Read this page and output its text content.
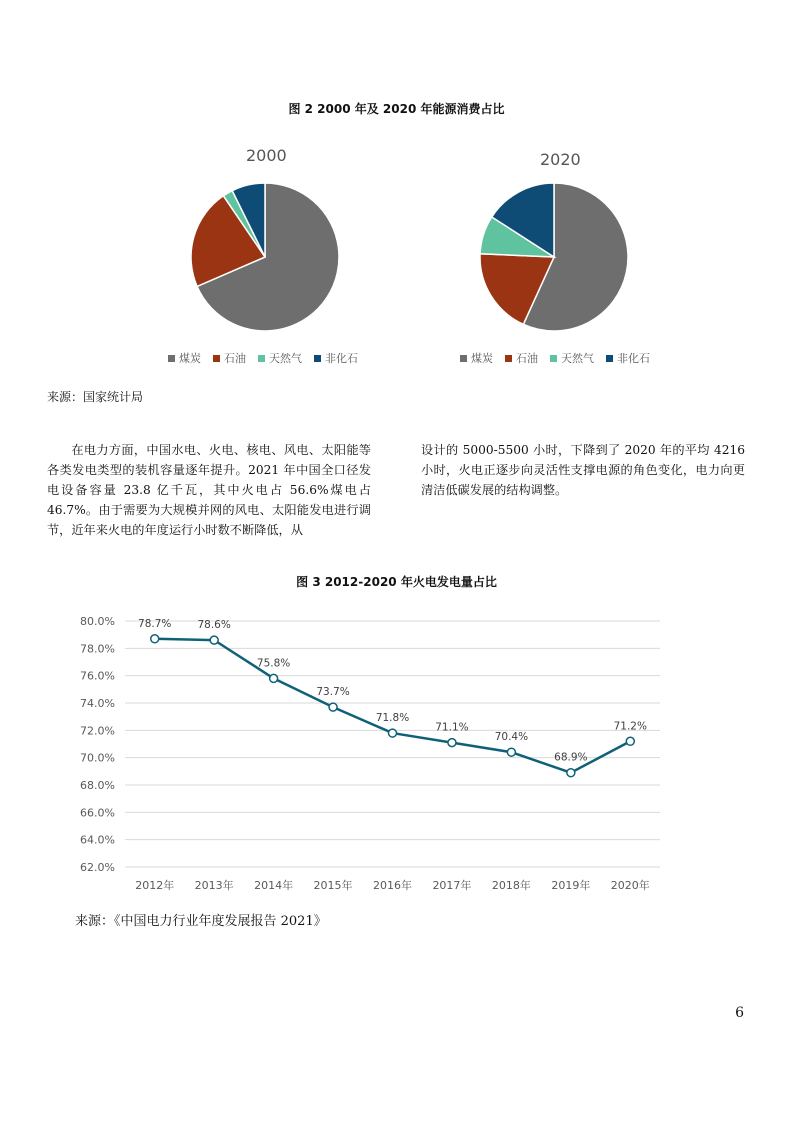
图 2 2000 年及 2020 年能源消费占比
2000
煤炭 石油 天然气 非化石
2020
煤炭 石油 天然气 非化石
来源：国家统计局
在电力方面，中国水电、火电、核电、风电、太阳能等各类发电类型的装机容量逐年提升。2021 年中国全口径发电设备容量 23.8 亿千瓦，其中火电占 56.6%煤电占 46.7%。由于需要为大规模并网的风电、太阳能发电进行调节，近年来火电的年度运行小时数不断降低，从
设计的 5000-5500 小时，下降到了 2020 年的平均 4216 小时，火电正逐步向灵活性支撑电源的角色变化，电力向更清洁低碳发展的结构调整。
图 3 2012-2020 年火电发电量占比
62.0%
64.0%
66.0%
68.0%
70.0%
72.0%
74.0%
76.0%
78.0%
80.0%
2012年 2013年 2014年 2015年 2016年 2017年 2018年 2019年 2020年
78.7% 78.6%
75.8%
73.7%
71.8%
71.1%
70.4%
68.9%
71.2%
来源：《中国电力行业年度发展报告 2021》
6
